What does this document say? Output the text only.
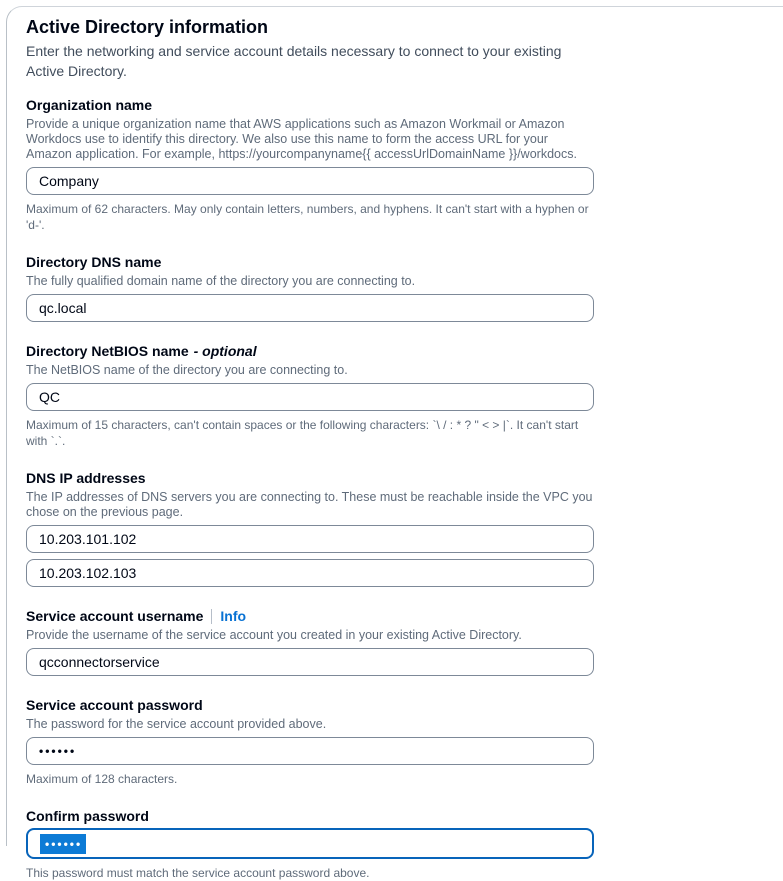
Active Directory information

Enter the networking and service account details necessary to connect to your existing Active Directory.

Organization name

Provide a unique organization name that AWS applications such as Amazon Workmail or Amazon Workdocs use to identify this directory. We also use this name to form the access URL for your Amazon application. For example, https://yourcompanyname{{ accessUrlDomainName }}/workdocs.

Company
Maximum of 62 characters. May only contain letters, numbers, and hyphens. It can't start with a hyphen or 'd-'.
Directory DNS name

The fully qualified domain name of the directory you are connecting to.

qc.local
Directory NetBIOS name - optional

The NetBIOS name of the directory you are connecting to.

QC
Maximum of 15 characters, can't contain spaces or the following characters: `\ / : * ? " < > |`. It can't start with `.`.
DNS IP addresses

The IP addresses of DNS servers you are connecting to. These must be reachable inside the VPC you chose on the previous page.

10.203.101.102
10.203.102.103
Service account username Info

Provide the username of the service account you created in your existing Active Directory.

qcconnectorservice
Service account password

The password for the service account provided above.

••••••
Maximum of 128 characters.
Confirm password
••••••
This password must match the service account password above.
